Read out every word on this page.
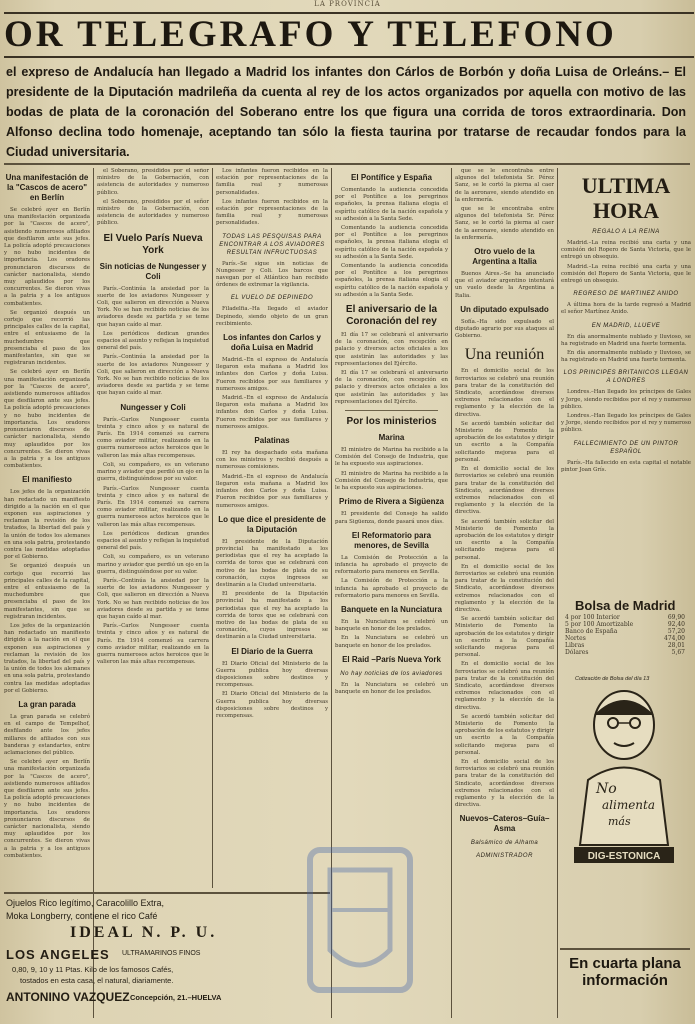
LA PROVINCIA
OR TELEGRAFO Y TELEFONO
el expreso de Andalucía han llegado a Madrid los infantes don Cárlos de Borbón y doña Luisa de Orleáns.– El presidente de la Diputación madrileña da cuenta al rey de los actos organizados por aquella con motivo de las bodas de plata de la coronación del Soberano entre los que figura una corrida de toros extraordinaria. Don Alfonso declina todo homenaje, aceptando tan sólo la fiesta taurina por tratarse de recaudar fondos para la Ciudad universitaria.
Una manifestación de la "Cascos de acero" en Berlín

Se celebró ayer en Berlín una manifestación organizada por la "Cascos de acero", asistiendo numerosos afiliados que desfilaron ante sus jefes. La policía adoptó precauciones y no hubo incidentes de importancia. Los oradores pronunciaron discursos de carácter nacionalista, siendo muy aplaudidos por los concurrentes. Se dieron vivas a la patria y a los antiguos combatientes.

Se organizó después un cortejo que recorrió las principales calles de la capital, entre el entusiasmo de la muchedumbre que presenciaba el paso de los manifestantes, sin que se registraran incidentes.

Se celebró ayer en Berlín una manifestación organizada por la "Cascos de acero", asistiendo numerosos afiliados que desfilaron ante sus jefes. La policía adoptó precauciones y no hubo incidentes de importancia. Los oradores pronunciaron discursos de carácter nacionalista, siendo muy aplaudidos por los concurrentes. Se dieron vivas a la patria y a los antiguos combatientes.

El manifiesto

Los jefes de la organización han redactado un manifiesto dirigido a la nación en el que exponen sus aspiraciones y reclaman la revisión de los tratados, la libertad del país y la unión de todos los alemanes en una sola patria, protestando contra las medidas adoptadas por el Gobierno.

Se organizó después un cortejo que recorrió las principales calles de la capital, entre el entusiasmo de la muchedumbre que presenciaba el paso de los manifestantes, sin que se registraran incidentes.

Los jefes de la organización han redactado un manifiesto dirigido a la nación en el que exponen sus aspiraciones y reclaman la revisión de los tratados, la libertad del país y la unión de todos los alemanes en una sola patria, protestando contra las medidas adoptadas por el Gobierno.

La gran parada

La gran parada se celebró en el campo de Tempelhof, desfilando ante los jefes millares de afiliados con sus banderas y estandartes, entre aclamaciones del público.

Se celebró ayer en Berlín una manifestación organizada por la "Cascos de acero", asistiendo numerosos afiliados que desfilaron ante sus jefes. La policía adoptó precauciones y no hubo incidentes de importancia. Los oradores pronunciaron discursos de carácter nacionalista, siendo muy aplaudidos por los concurrentes. Se dieron vivas a la patria y a los antiguos combatientes.

Ojuelos Rico legítimo, Caracolillo Extra,
Moka Longberry, contiene el rico Café
IDEAL N. P. U.
LOS ANGELES ULTRAMARINOS FINOS
0,80, 9, 10 y 11 Ptas. Kilo de los famosos Cafés,
tostados en esta casa, el natural, diariamente.
ANTONINO VAZQUEZ Concepción, 21.–HUELVA

el Soberano, presididos por el señor ministro de la Gobernación, con asistencia de autoridades y numeroso público.

el Soberano, presididos por el señor ministro de la Gobernación, con asistencia de autoridades y numeroso público.

El Vuelo París Nueva York
Sin noticias de Nungesser y Coli

París.–Continúa la ansiedad por la suerte de los aviadores Nungesser y Coli, que salieron en dirección a Nueva York. No se han recibido noticias de los aviadores desde su partida y se teme que hayan caído al mar.

Los periódicos dedican grandes espacios al asunto y reflejan la inquietud general del país.

París.–Continúa la ansiedad por la suerte de los aviadores Nungesser y Coli, que salieron en dirección a Nueva York. No se han recibido noticias de los aviadores desde su partida y se teme que hayan caído al mar.

Nungesser y Coli

París.–Carlos Nungesser cuenta treinta y cinco años y es natural de París. En 1914 comenzó su carrera como aviador militar, realizando en la guerra numerosos actos heroicos que le valieron las más altas recompensas.

Coli, su compañero, es un veterano marino y aviador que perdió un ojo en la guerra, distinguiéndose por su valor.

París.–Carlos Nungesser cuenta treinta y cinco años y es natural de París. En 1914 comenzó su carrera como aviador militar, realizando en la guerra numerosos actos heroicos que le valieron las más altas recompensas.

Los periódicos dedican grandes espacios al asunto y reflejan la inquietud general del país.

Coli, su compañero, es un veterano marino y aviador que perdió un ojo en la guerra, distinguiéndose por su valor.

París.–Continúa la ansiedad por la suerte de los aviadores Nungesser y Coli, que salieron en dirección a Nueva York. No se han recibido noticias de los aviadores desde su partida y se teme que hayan caído al mar.

París.–Carlos Nungesser cuenta treinta y cinco años y es natural de París. En 1914 comenzó su carrera como aviador militar, realizando en la guerra numerosos actos heroicos que le valieron las más altas recompensas.

Los infantes fueron recibidos en la estación por representaciones de la familia real y numerosas personalidades.

Los infantes fueron recibidos en la estación por representaciones de la familia real y numerosas personalidades.

TODAS LAS PESQUISAS PARA ENCONTRAR A LOS AVIADORES RESULTAN INFRUCTUOSAS

París.–Se sigue sin noticias de Nungesser y Coli. Los barcos que navegan por el Atlántico han recibido órdenes de extremar la vigilancia.

EL VUELO DE DEPINEDO

Filadelfia.–Ha llegado el aviador Depinedo, siendo objeto de un gran recibimiento.

Los infantes don Carlos y doña Luisa en Madrid

Madrid.–En el expreso de Andalucía llegaron esta mañana a Madrid los infantes don Carlos y doña Luisa. Fueron recibidos por sus familiares y numerosos amigos.

Madrid.–En el expreso de Andalucía llegaron esta mañana a Madrid los infantes don Carlos y doña Luisa. Fueron recibidos por sus familiares y numerosos amigos.

Palatinas

El rey ha despachado esta mañana con los ministros y recibió después a numerosas comisiones.

Madrid.–En el expreso de Andalucía llegaron esta mañana a Madrid los infantes don Carlos y doña Luisa. Fueron recibidos por sus familiares y numerosos amigos.

Lo que dice el presidente de la Diputación

El presidente de la Diputación provincial ha manifestado a los periodistas que el rey ha aceptado la corrida de toros que se celebrará con motivo de las bodas de plata de su coronación, cuyos ingresos se destinarán a la Ciudad universitaria.

El presidente de la Diputación provincial ha manifestado a los periodistas que el rey ha aceptado la corrida de toros que se celebrará con motivo de las bodas de plata de su coronación, cuyos ingresos se destinarán a la Ciudad universitaria.

El Diario de la Guerra

El Diario Oficial del Ministerio de la Guerra publica hoy diversas disposiciones sobre destinos y recompensas.

El Diario Oficial del Ministerio de la Guerra publica hoy diversas disposiciones sobre destinos y recompensas.

El Pontífice y España

Comentando la audiencia concedida por el Pontífice a los peregrinos españoles, la prensa italiana elogia el espíritu católico de la nación española y su adhesión a la Santa Sede.

Comentando la audiencia concedida por el Pontífice a los peregrinos españoles, la prensa italiana elogia el espíritu católico de la nación española y su adhesión a la Santa Sede.

Comentando la audiencia concedida por el Pontífice a los peregrinos españoles, la prensa italiana elogia el espíritu católico de la nación española y su adhesión a la Santa Sede.

El aniversario de la Coronación del rey

El día 17 se celebrará el aniversario de la coronación, con recepción en palacio y diversos actos oficiales a los que asistirán las autoridades y las representaciones del Ejército.

El día 17 se celebrará el aniversario de la coronación, con recepción en palacio y diversos actos oficiales a los que asistirán las autoridades y las representaciones del Ejército.

Por los ministerios
Marina

El ministro de Marina ha recibido a la Comisión del Consejo de Industria, que le ha expuesto sus aspiraciones.

El ministro de Marina ha recibido a la Comisión del Consejo de Industria, que le ha expuesto sus aspiraciones.

Primo de Rivera a Sigüenza

El presidente del Consejo ha salido para Sigüenza, donde pasará unos días.

El Reformatorio para menores, de Sevilla

La Comisión de Protección a la infancia ha aprobado el proyecto de reformatorio para menores en Sevilla.

La Comisión de Protección a la infancia ha aprobado el proyecto de reformatorio para menores en Sevilla.

Banquete en la Nunciatura

En la Nunciatura se celebró un banquete en honor de los prelados.

En la Nunciatura se celebró un banquete en honor de los prelados.

El Raid –París Nueva York
No hay noticias de los aviadores

En la Nunciatura se celebró un banquete en honor de los prelados.

que se le encontraba entre algunos del telefonista Sr. Pérez Sanz, se le cortó la pierna al caer de la aeronave, siendo atendido en la enfermería.

que se le encontraba entre algunos del telefonista Sr. Pérez Sanz, se le cortó la pierna al caer de la aeronave, siendo atendido en la enfermería.

Otro vuelo de la Argentina a Italia

Buenos Aires.–Se ha anunciado que el aviador argentino intentará un vuelo desde la Argentina a Italia.

Un diputado expulsado

Sofía.–Ha sido expulsado el diputado agrario por sus ataques al Gobierno.

Una reunión

En el domicilio social de los ferroviarios se celebró una reunión para tratar de la constitución del Sindicato, acordándose diversos extremos relacionados con el reglamento y la elección de la directiva.

Se acordó también solicitar del Ministerio de Fomento la aprobación de los estatutos y dirigir un escrito a la Compañía solicitando mejoras para el personal.

En el domicilio social de los ferroviarios se celebró una reunión para tratar de la constitución del Sindicato, acordándose diversos extremos relacionados con el reglamento y la elección de la directiva.

Se acordó también solicitar del Ministerio de Fomento la aprobación de los estatutos y dirigir un escrito a la Compañía solicitando mejoras para el personal.

En el domicilio social de los ferroviarios se celebró una reunión para tratar de la constitución del Sindicato, acordándose diversos extremos relacionados con el reglamento y la elección de la directiva.

Se acordó también solicitar del Ministerio de Fomento la aprobación de los estatutos y dirigir un escrito a la Compañía solicitando mejoras para el personal.

En el domicilio social de los ferroviarios se celebró una reunión para tratar de la constitución del Sindicato, acordándose diversos extremos relacionados con el reglamento y la elección de la directiva.

Se acordó también solicitar del Ministerio de Fomento la aprobación de los estatutos y dirigir un escrito a la Compañía solicitando mejoras para el personal.

En el domicilio social de los ferroviarios se celebró una reunión para tratar de la constitución del Sindicato, acordándose diversos extremos relacionados con el reglamento y la elección de la directiva.

Nuevos–Cateros–Guía–Asma
Balsámico de Alhama
ADMINISTRADOR
ULTIMA HORA
REGALO A LA REINA

Madrid.–La reina recibió una carta y una comisión del Ropero de Santa Victoria, que le entregó un obsequio.

Madrid.–La reina recibió una carta y una comisión del Ropero de Santa Victoria, que le entregó un obsequio.

REGRESO DE MARTINEZ ANIDO

A última hora de la tarde regresó a Madrid el señor Martínez Anido.

EN MADRID, LLUEVE

En día anormalmente nublado y lluvioso, se ha registrado en Madrid una fuerte tormenta.

En día anormalmente nublado y lluvioso, se ha registrado en Madrid una fuerte tormenta.

LOS PRINCIPES BRITANICOS LLEGAN A LONDRES

Londres.–Han llegado los príncipes de Gales y Jorge, siendo recibidos por el rey y numeroso público.

Londres.–Han llegado los príncipes de Gales y Jorge, siendo recibidos por el rey y numeroso público.

FALLECIMIENTO DE UN PINTOR ESPAÑOL

París.–Ha fallecido en esta capital el notable pintor Joan Grís.

Bolsa de Madrid
4 por 100 Interior	69,90
5 por 100 Amortizable	92,40
Banco de España	57,20
Nortes	474,00
Libras	28,01
Dólares	5,67
Cotización de Bolsa del día 13
No
alimenta
más
DIG-ESTONICA
En cuarta plana información
